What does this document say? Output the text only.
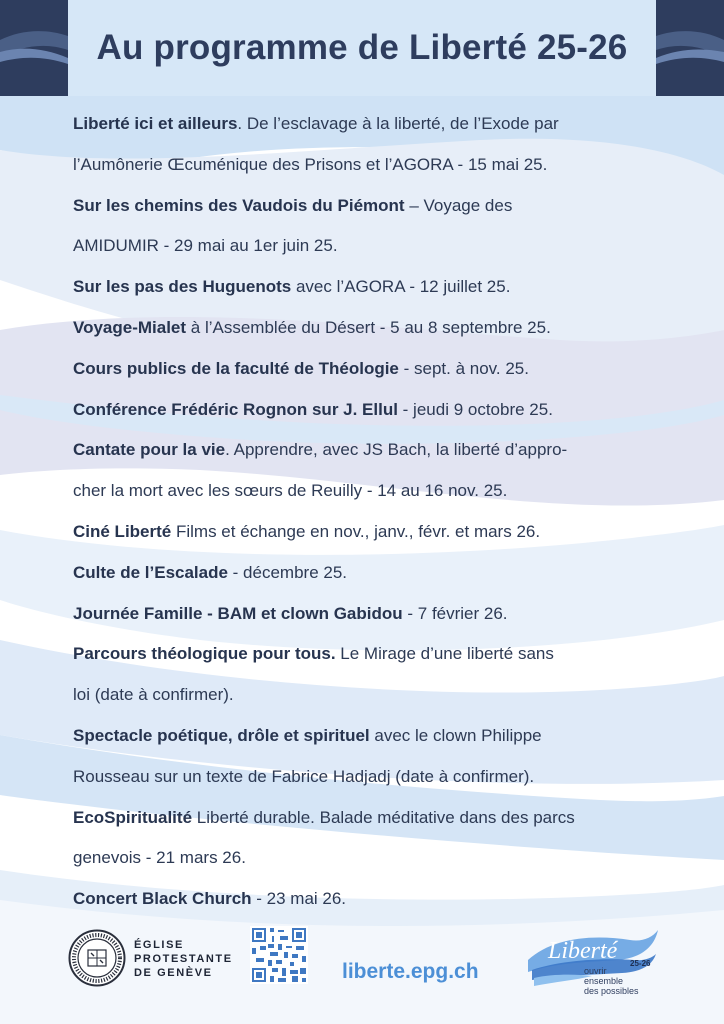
Au programme de Liberté 25-26
Liberté ici et ailleurs. De l’esclavage à la liberté, de l’Exode par
l’Aumônerie Œcuménique des Prisons et l’AGORA - 15 mai 25.
Sur les chemins des Vaudois du Piémont – Voyage des
AMIDUMIR - 29 mai au 1er juin 25.
Sur les pas des Huguenots avec l’AGORA - 12 juillet 25.
Voyage-Mialet à l’Assemblée du Désert - 5 au 8 septembre 25.
Cours publics de la faculté de Théologie - sept. à nov. 25.
Conférence Frédéric Rognon sur J. Ellul - jeudi 9 octobre 25.
Cantate pour la vie. Apprendre, avec JS Bach, la liberté d’appro-
cher la mort avec les sœurs de Reuilly - 14 au 16 nov. 25.
Ciné Liberté Films et échange en nov., janv., févr. et mars 26.
Culte de l’Escalade - décembre 25.
Journée Famille - BAM et clown Gabidou - 7 février 26.
Parcours théologique pour tous. Le Mirage d’une liberté sans
loi (date à confirmer).
Spectacle poétique, drôle et spirituel avec le clown Philippe
Rousseau sur un texte de Fabrice Hadjadj (date à confirmer).
EcoSpiritualité Liberté durable. Balade méditative dans des parcs
genevois - 21 mars 26.
Concert Black Church - 23 mai 26.
ÉGLISE
PROTESTANTE
DE GENÈVE	liberte.epg.ch
Liberté 25-26
ouvrir
ensemble
des possibles
